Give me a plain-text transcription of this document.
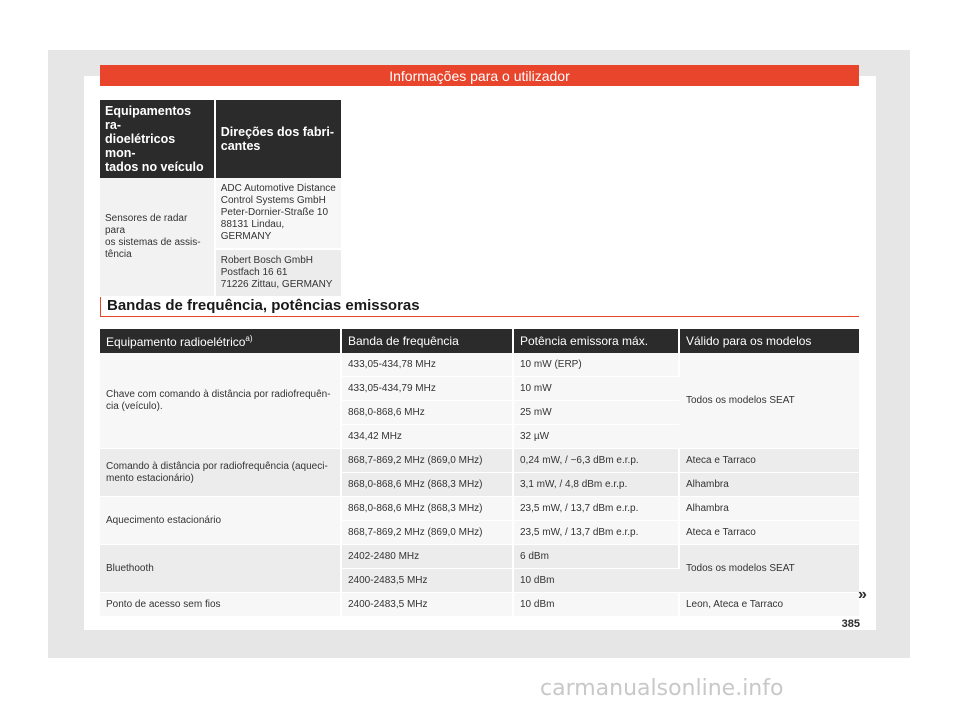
Informações para o utilizador
Equipamentos ra-
dioelétricos mon-
tados no veículo	Direções dos fabri-
cantes
Sensores de radar para
os sistemas de assis-
tência	ADC Automotive Distance
Control Systems GmbH
Peter-Dornier-Straße 10
88131 Lindau, GERMANY
	Robert Bosch GmbH
Postfach 16 61
71226 Zittau, GERMANY
Bandas de frequência, potências emissoras
Equipamento radioelétrico$^{a)}$	Banda de frequência	Potência emissora máx.	Válido para os modelos
Chave com comando à distância por radiofrequên-
cia (veículo).	433,05-434,78 MHz	10 mW (ERP)	Todos os modelos SEAT
	433,05-434,79 MHz	10 mW	
	868,0-868,6 MHz	25 mW	
	434,42 MHz	32 µW	
Comando à distância por radiofrequência (aqueci-
mento estacionário)	868,7-869,2 MHz (869,0 MHz)	0,24 mW, / −6,3 dBm e.r.p.	Ateca e Tarraco
	868,0-868,6 MHz (868,3 MHz)	3,1 mW, / 4,8 dBm e.r.p.	Alhambra
Aquecimento estacionário	868,0-868,6 MHz (868,3 MHz)	23,5 mW, / 13,7 dBm e.r.p.	Alhambra
	868,7-869,2 MHz (869,0 MHz)	23,5 mW, / 13,7 dBm e.r.p.	Ateca e Tarraco
Bluethooth	2402-2480 MHz	6 dBm	Todos os modelos SEAT
	2400-2483,5 MHz	10 dBm	
Ponto de acesso sem fios	2400-2483,5 MHz	10 dBm	Leon, Ateca e Tarraco
»
385
carmanualsonline.info
